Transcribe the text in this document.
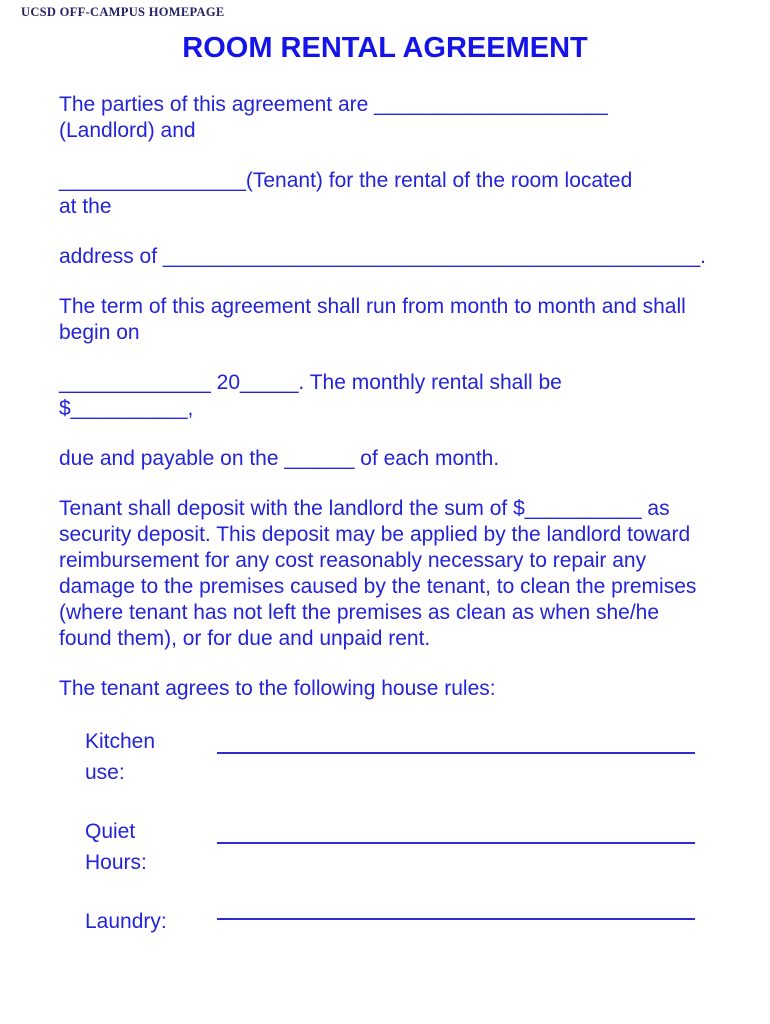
UCSD OFF-CAMPUS HOMEPAGE
ROOM RENTAL AGREEMENT
The parties of this agreement are ____________________
(Landlord) and
________________(Tenant) for the rental of the room located
at the
address of ______________________________________________.
The term of this agreement shall run from month to month and shall
begin on
_____________ 20_____. The monthly rental shall be
$__________,
due and payable on the ______ of each month.
Tenant shall deposit with the landlord the sum of $__________ as
security deposit. This deposit may be applied by the landlord toward
reimbursement for any cost reasonably necessary to repair any
damage to the premises caused by the tenant, to clean the premises
(where tenant has not left the premises as clean as when she/he
found them), or for due and unpaid rent.
The tenant agrees to the following house rules:
Kitchen
use:
Quiet
Hours:
Laundry:
